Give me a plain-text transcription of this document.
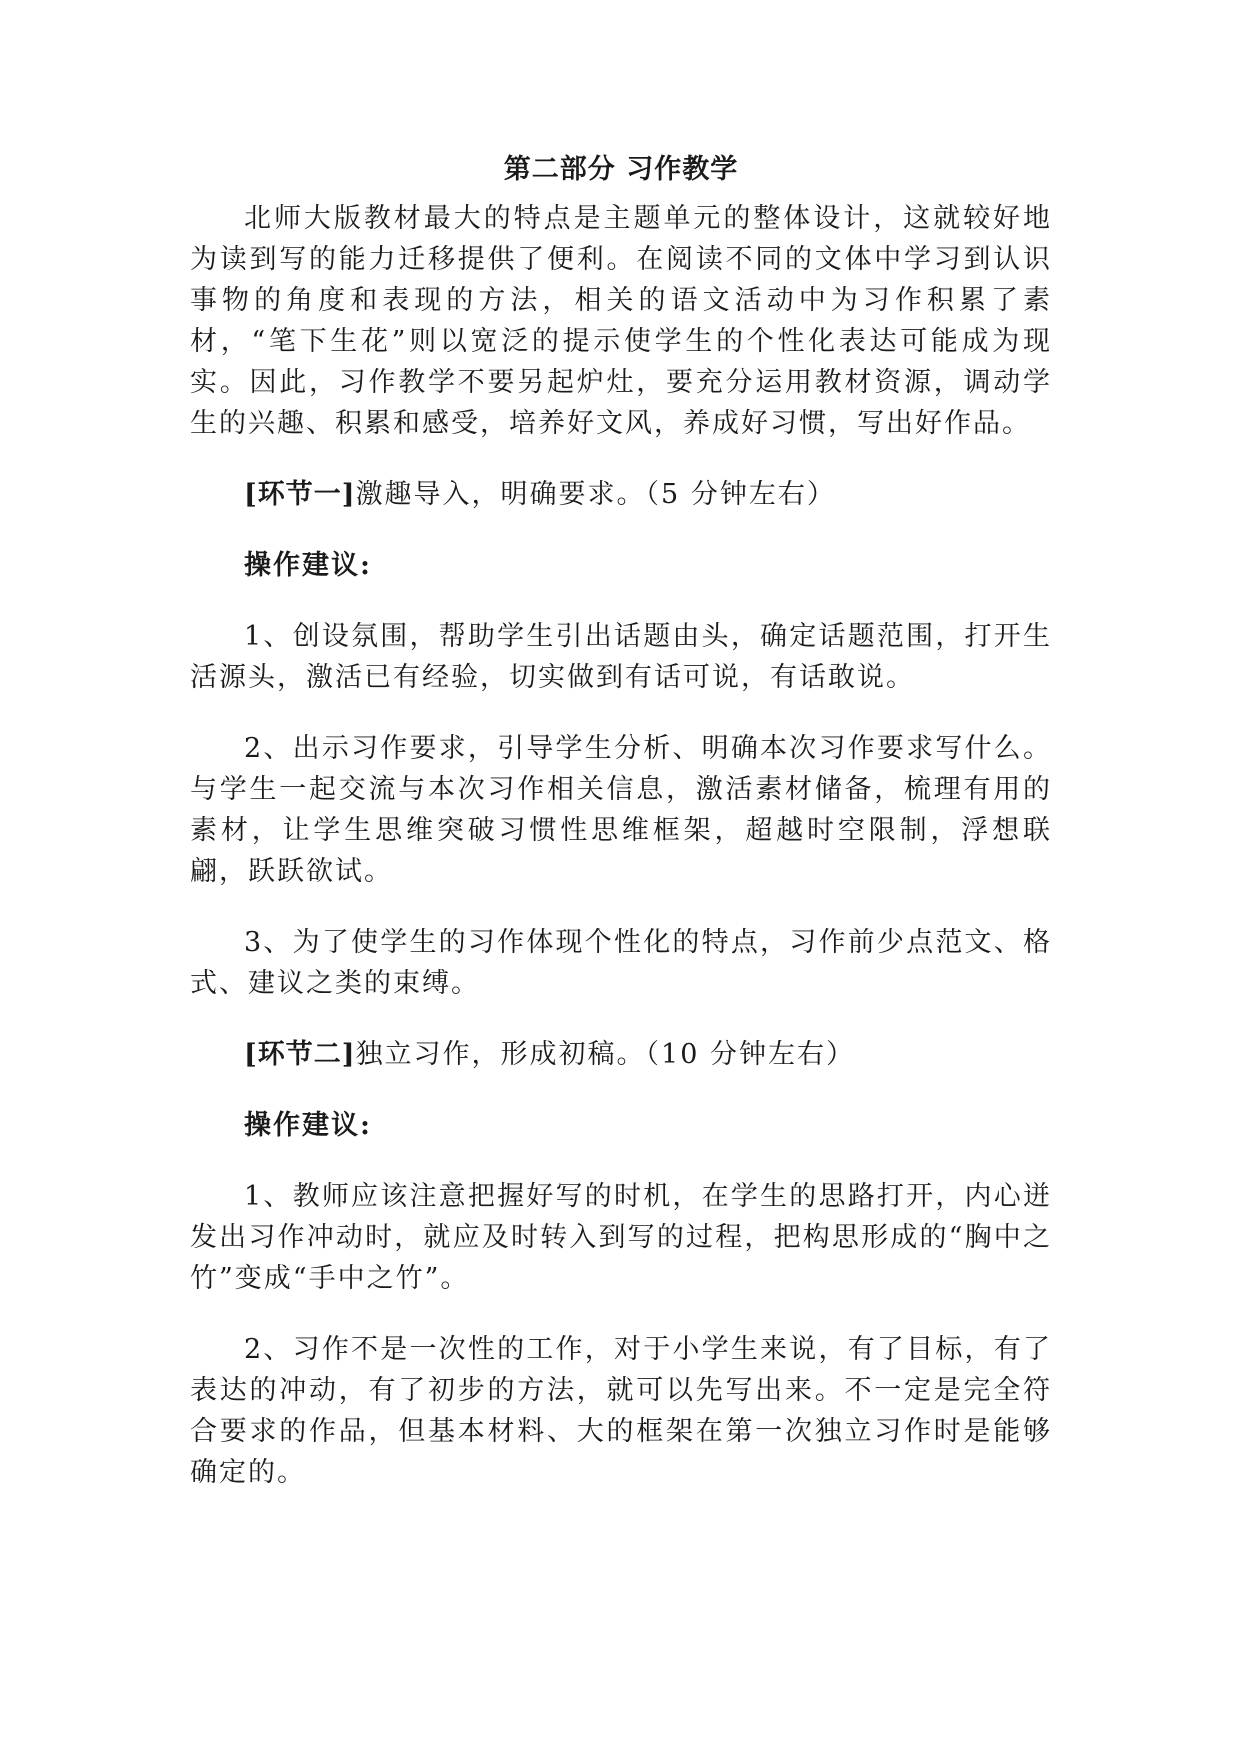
第二部分 习作教学

北师大版教材最大的特点是主题单元的整体设计，这就较好地为读到写的能力迁移提供了便利。在阅读不同的文体中学习到认识事物的角度和表现的方法，相关的语文活动中为习作积累了素材，“笔下生花”则以宽泛的提示使学生的个性化表达可能成为现实。因此，习作教学不要另起炉灶，要充分运用教材资源，调动学生的兴趣、积累和感受，培养好文风，养成好习惯，写出好作品。

[环节一]激趣导入，明确要求。（5 分钟左右）

操作建议:

1、创设氛围，帮助学生引出话题由头，确定话题范围，打开生活源头，激活已有经验，切实做到有话可说，有话敢说。

2、出示习作要求，引导学生分析、明确本次习作要求写什么。与学生一起交流与本次习作相关信息，激活素材储备，梳理有用的素材，让学生思维突破习惯性思维框架，超越时空限制，浮想联翩，跃跃欲试。

3、为了使学生的习作体现个性化的特点，习作前少点范文、格式、建议之类的束缚。

[环节二]独立习作，形成初稿。（10 分钟左右）

操作建议:

1、教师应该注意把握好写的时机，在学生的思路打开，内心迸发出习作冲动时，就应及时转入到写的过程，把构思形成的“胸中之竹”变成“手中之竹”。

2、习作不是一次性的工作，对于小学生来说，有了目标，有了表达的冲动，有了初步的方法，就可以先写出来。不一定是完全符合要求的作品，但基本材料、大的框架在第一次独立习作时是能够确定的。
